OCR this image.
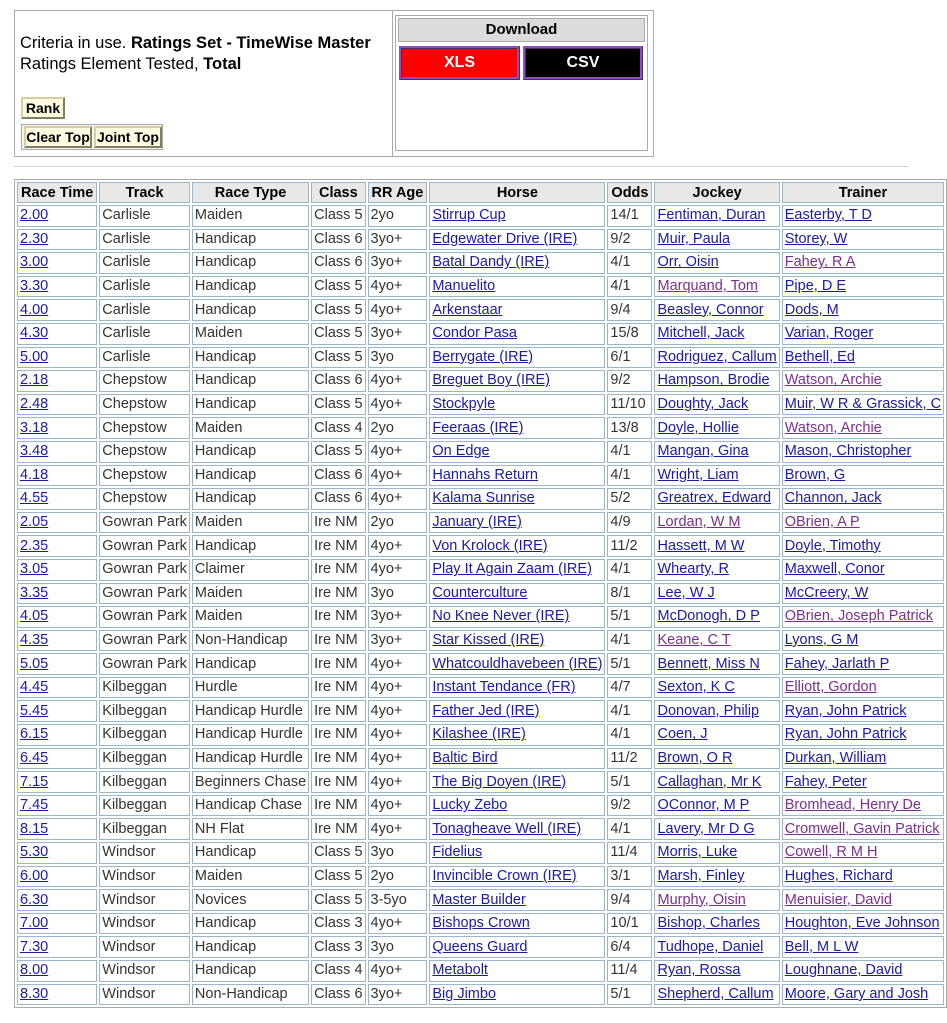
Criteria in use. Ratings Set - TimeWise Master
Ratings Element Tested, Total
Rank
Clear Top Joint Top
Download
XLS	CSV
Race Time	Track	Race Type	Class	RR Age	Horse	Odds	Jockey	Trainer
2.00	Carlisle	Maiden	Class 5	2yo	Stirrup Cup	14/1	Fentiman, Duran	Easterby, T D
2.30	Carlisle	Handicap	Class 6	3yo+	Edgewater Drive (IRE)	9/2	Muir, Paula	Storey, W
3.00	Carlisle	Handicap	Class 6	3yo+	Batal Dandy (IRE)	4/1	Orr, Oisin	Fahey, R A
3.30	Carlisle	Handicap	Class 5	4yo+	Manuelito	4/1	Marquand, Tom	Pipe, D E
4.00	Carlisle	Handicap	Class 5	4yo+	Arkenstaar	9/4	Beasley, Connor	Dods, M
4.30	Carlisle	Maiden	Class 5	3yo+	Condor Pasa	15/8	Mitchell, Jack	Varian, Roger
5.00	Carlisle	Handicap	Class 5	3yo	Berrygate (IRE)	6/1	Rodriguez, Callum	Bethell, Ed
2.18	Chepstow	Handicap	Class 6	4yo+	Breguet Boy (IRE)	9/2	Hampson, Brodie	Watson, Archie
2.48	Chepstow	Handicap	Class 5	4yo+	Stockpyle	11/10	Doughty, Jack	Muir, W R & Grassick, C
3.18	Chepstow	Maiden	Class 4	2yo	Feeraas (IRE)	13/8	Doyle, Hollie	Watson, Archie
3.48	Chepstow	Handicap	Class 5	4yo+	On Edge	4/1	Mangan, Gina	Mason, Christopher
4.18	Chepstow	Handicap	Class 6	4yo+	Hannahs Return	4/1	Wright, Liam	Brown, G
4.55	Chepstow	Handicap	Class 6	4yo+	Kalama Sunrise	5/2	Greatrex, Edward	Channon, Jack
2.05	Gowran Park	Maiden	Ire NM	2yo	January (IRE)	4/9	Lordan, W M	OBrien, A P
2.35	Gowran Park	Handicap	Ire NM	4yo+	Von Krolock (IRE)	11/2	Hassett, M W	Doyle, Timothy
3.05	Gowran Park	Claimer	Ire NM	4yo+	Play It Again Zaam (IRE)	4/1	Whearty, R	Maxwell, Conor
3.35	Gowran Park	Maiden	Ire NM	3yo	Counterculture	8/1	Lee, W J	McCreery, W
4.05	Gowran Park	Maiden	Ire NM	3yo+	No Knee Never (IRE)	5/1	McDonogh, D P	OBrien, Joseph Patrick
4.35	Gowran Park	Non-Handicap	Ire NM	3yo+	Star Kissed (IRE)	4/1	Keane, C T	Lyons, G M
5.05	Gowran Park	Handicap	Ire NM	4yo+	Whatcouldhavebeen (IRE)	5/1	Bennett, Miss N	Fahey, Jarlath P
4.45	Kilbeggan	Hurdle	Ire NM	4yo+	Instant Tendance (FR)	4/7	Sexton, K C	Elliott, Gordon
5.45	Kilbeggan	Handicap Hurdle	Ire NM	4yo+	Father Jed (IRE)	4/1	Donovan, Philip	Ryan, John Patrick
6.15	Kilbeggan	Handicap Hurdle	Ire NM	4yo+	Kilashee (IRE)	4/1	Coen, J	Ryan, John Patrick
6.45	Kilbeggan	Handicap Hurdle	Ire NM	4yo+	Baltic Bird	11/2	Brown, O R	Durkan, William
7.15	Kilbeggan	Beginners Chase	Ire NM	4yo+	The Big Doyen (IRE)	5/1	Callaghan, Mr K	Fahey, Peter
7.45	Kilbeggan	Handicap Chase	Ire NM	4yo+	Lucky Zebo	9/2	OConnor, M P	Bromhead, Henry De
8.15	Kilbeggan	NH Flat	Ire NM	4yo+	Tonagheave Well (IRE)	4/1	Lavery, Mr D G	Cromwell, Gavin Patrick
5.30	Windsor	Handicap	Class 5	3yo	Fidelius	11/4	Morris, Luke	Cowell, R M H
6.00	Windsor	Maiden	Class 5	2yo	Invincible Crown (IRE)	3/1	Marsh, Finley	Hughes, Richard
6.30	Windsor	Novices	Class 5	3-5yo	Master Builder	9/4	Murphy, Oisin	Menuisier, David
7.00	Windsor	Handicap	Class 3	4yo+	Bishops Crown	10/1	Bishop, Charles	Houghton, Eve Johnson
7.30	Windsor	Handicap	Class 3	3yo	Queens Guard	6/4	Tudhope, Daniel	Bell, M L W
8.00	Windsor	Handicap	Class 4	4yo+	Metabolt	11/4	Ryan, Rossa	Loughnane, David
8.30	Windsor	Non-Handicap	Class 6	3yo+	Big Jimbo	5/1	Shepherd, Callum	Moore, Gary and Josh
